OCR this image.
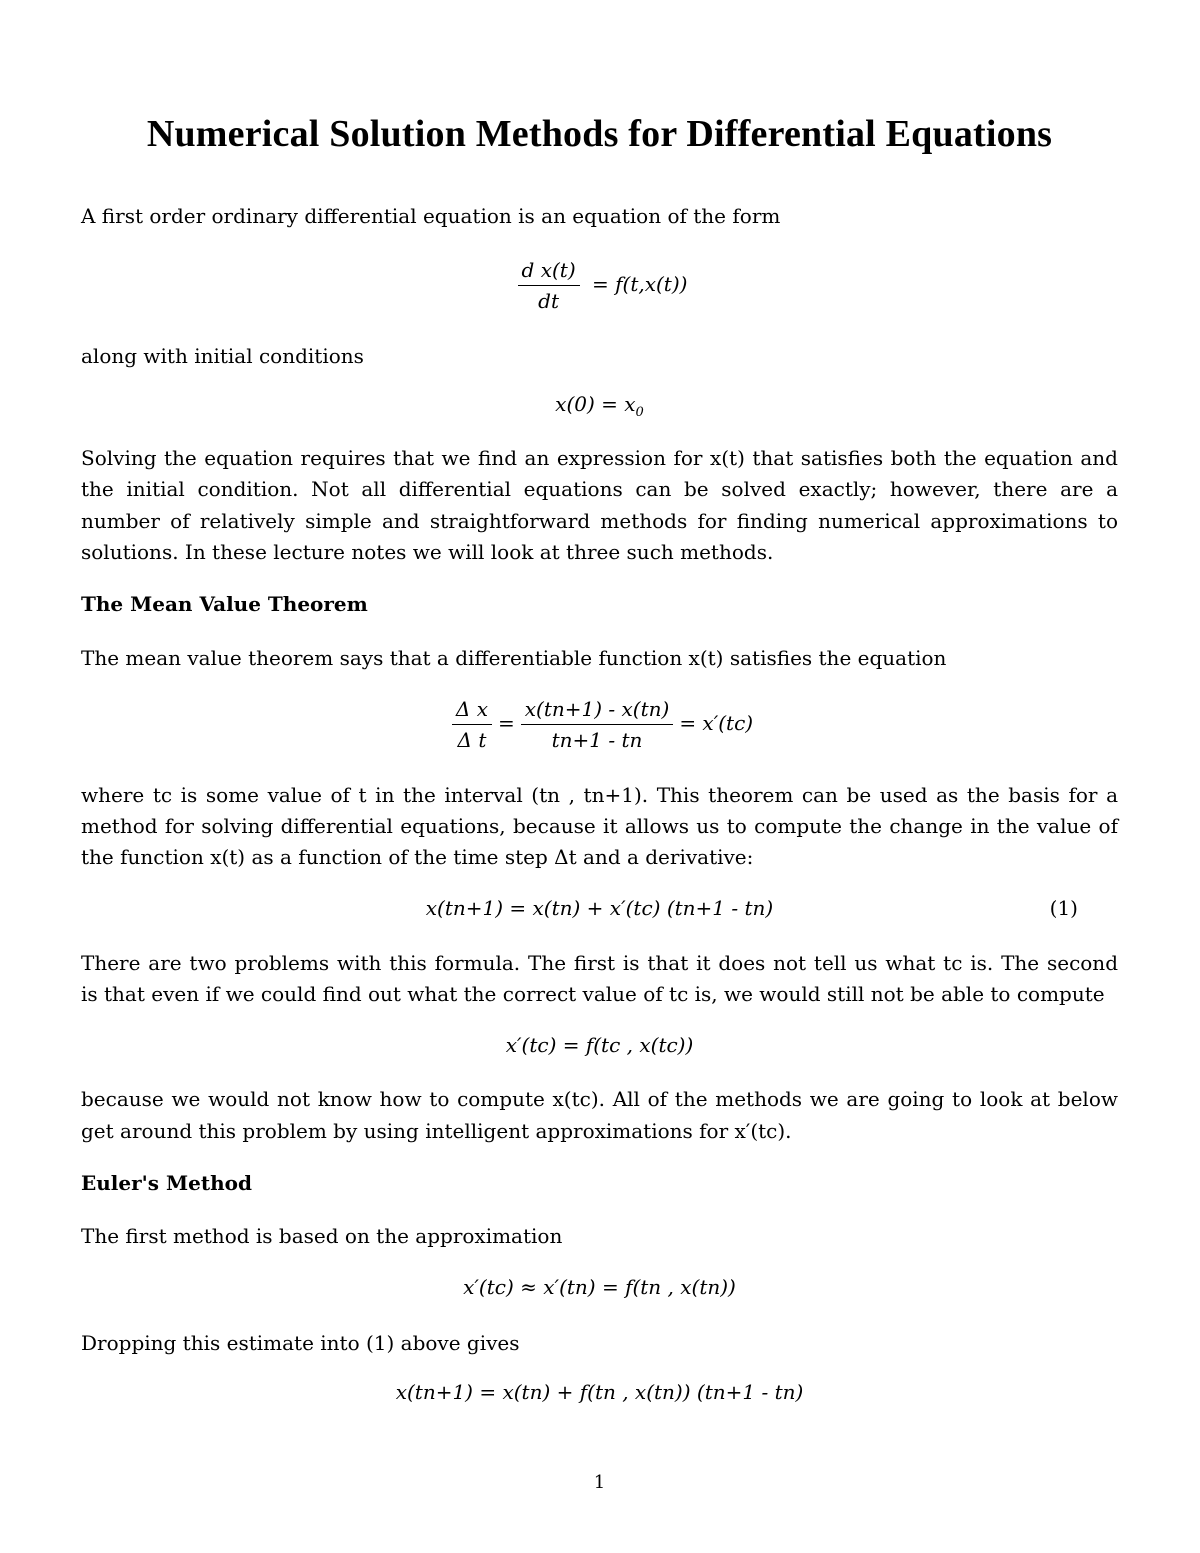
Numerical Solution Methods for Differential Equations
A first order ordinary differential equation is an equation of the form
$\frac{\text{d x(t)}}{dt} = f(t,x(t))$
along with initial conditions
$x(0) = x_0$
Solving the equation requires that we find an expression for x(t) that satisfies both the equation and
the initial condition. Not all differential equations can be solved exactly; however, there are a
number of relatively simple and straightforward methods for finding numerical approximations to
solutions. In these lecture notes we will look at three such methods.
The Mean Value Theorem
The mean value theorem says that a differentiable function x(t) satisfies the equation
$\frac{\text{Δ x}}{\text{Δ t}} = \frac{x(tn+1) - x(tn)}{tn+1 - tn} = x'(tc)$
where tc is some value of t in the interval (tn , tn+1). This theorem can be used as the basis for a
method for solving differential equations, because it allows us to compute the change in the value of
the function x(t) as a function of the time step Δt and a derivative:
x(tn+1) = x(tn) + x′(tc) (tn+1 - tn)	(1)
There are two problems with this formula. The first is that it does not tell us what tc is. The second
is that even if we could find out what the correct value of tc is, we would still not be able to compute
x′(tc) = f(tc , x(tc))
because we would not know how to compute x(tc). All of the methods we are going to look at below
get around this problem by using intelligent approximations for x′(tc).
Euler's Method
The first method is based on the approximation
x′(tc) ≈ x′(tn) = f(tn , x(tn))
Dropping this estimate into (1) above gives
x(tn+1) = x(tn) + f(tn , x(tn)) (tn+1 - tn)
1
